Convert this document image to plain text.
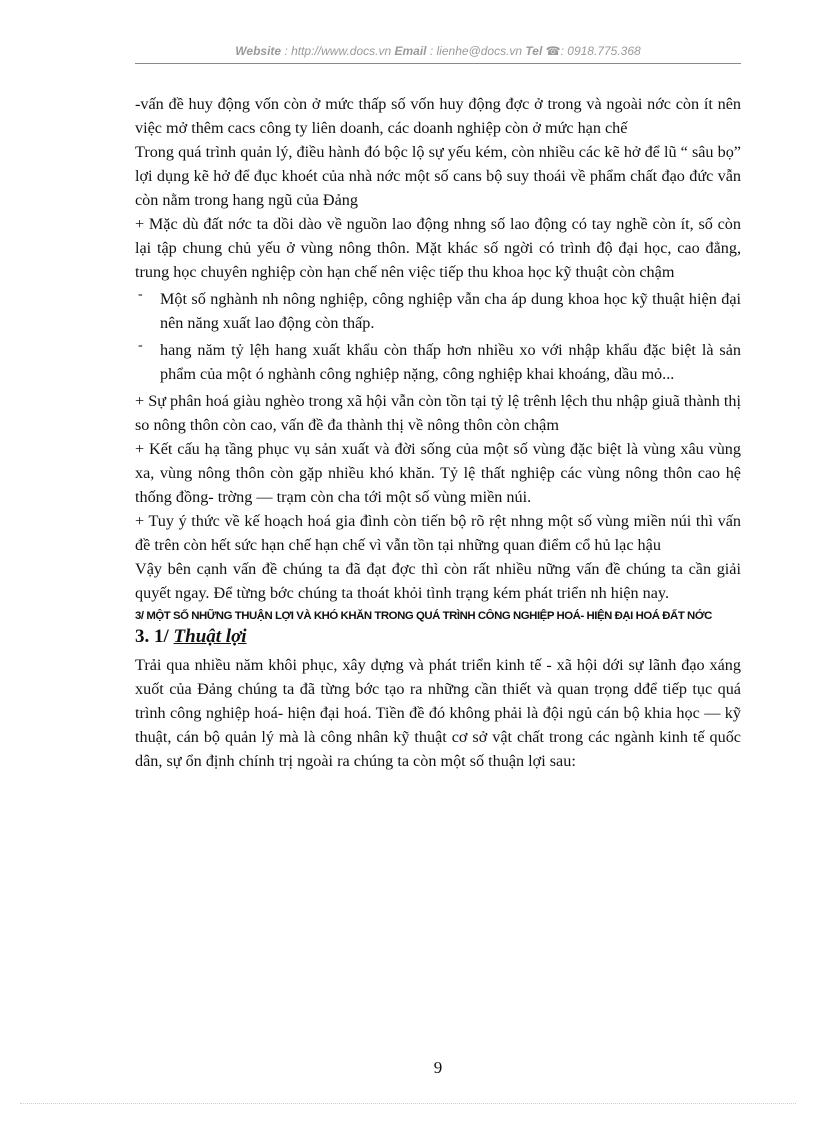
Website : http://www.docs.vn Email : lienhe@docs.vn Tel ☎: 0918.775.368

-vấn đề huy động vốn còn ở mức thấp số vốn huy động đợc ở trong và ngoài nớc còn ít nên việc mở thêm cacs công ty liên doanh, các doanh nghiệp còn ở mức hạn chế

Trong quá trình quản lý, điều hành đó bộc lộ sự yếu kém, còn nhiều các kẽ hở để lũ “ sâu bọ” lợi dụng kẽ hở để đục khoét của nhà nớc một số cans bộ suy thoái về phẩm chất đạo đức vẫn còn nằm trong hang ngũ của Đảng

+ Mặc dù đất nớc ta dồi dào về nguồn lao động nhng số lao động có tay nghề còn ít, số còn lại tập chung chủ yếu ở vùng nông thôn. Mặt khác số ngời có trình độ đại học, cao đẳng, trung học chuyên nghiệp còn hạn chế nên việc tiếp thu khoa học kỹ thuật còn chậm

- Một số nghành nh nông nghiệp, công nghiệp vẫn cha áp dung khoa học kỹ thuật hiện đại nên năng xuất lao động còn thấp.
- hang năm tỷ lệh hang xuất khẩu còn thấp hơn nhiều xo với nhập khẩu đặc biệt là sản phẩm của một ó nghành công nghiệp nặng, công nghiệp khai khoáng, dầu mỏ...

+ Sự phân hoá giàu nghèo trong xã hội vẫn còn tồn tại tỷ lệ trênh lệch thu nhập giuã thành thị so nông thôn còn cao, vấn đề đa thành thị về nông thôn còn chậm

+ Kết cấu hạ tầng phục vụ sản xuất và đời sống của một số vùng đặc biệt là vùng xâu vùng xa, vùng nông thôn còn gặp nhiều khó khăn. Tỷ lệ thất nghiệp các vùng nông thôn cao hệ thống đồng- trờng — trạm còn cha tới một số vùng miền núi.

+ Tuy ý thức về kế hoạch hoá gia đình còn tiến bộ rõ rệt nhng một số vùng miền núi thì vấn đề trên còn hết sức hạn chế hạn chế vì vẫn tồn tại những quan điểm cổ hủ lạc hậu

Vậy bên cạnh vấn đề chúng ta đã đạt đợc thì còn rất nhiều nững vấn đề chúng ta cần giải quyết ngay. Để từng bớc chúng ta thoát khỏi tình trạng kém phát triển nh hiện nay.

3/ MỘT SỐ NHỮNG THUẬN LỢI VÀ KHÓ KHĂN TRONG QUÁ TRÌNH CÔNG NGHIỆP HOÁ- HIỆN ĐẠI HOÁ ĐẤT NỚC
3. 1/ Thuật lợi

Trải qua nhiều năm khôi phục, xây dựng và phát triển kinh tế - xã hội dới sự lãnh đạo xáng xuốt của Đảng chúng ta đã từng bớc tạo ra những cần thiết và quan trọng dđể tiếp tục quá trình công nghiệp hoá- hiện đại hoá. Tiền đề đó không phải là đội ngủ cán bộ khia học — kỹ thuật, cán bộ quản lý mà là công nhân kỹ thuật cơ sở vật chất trong các ngành kinh tế quốc dân, sự ổn định chính trị ngoài ra chúng ta còn một số thuận lợi sau:

9
